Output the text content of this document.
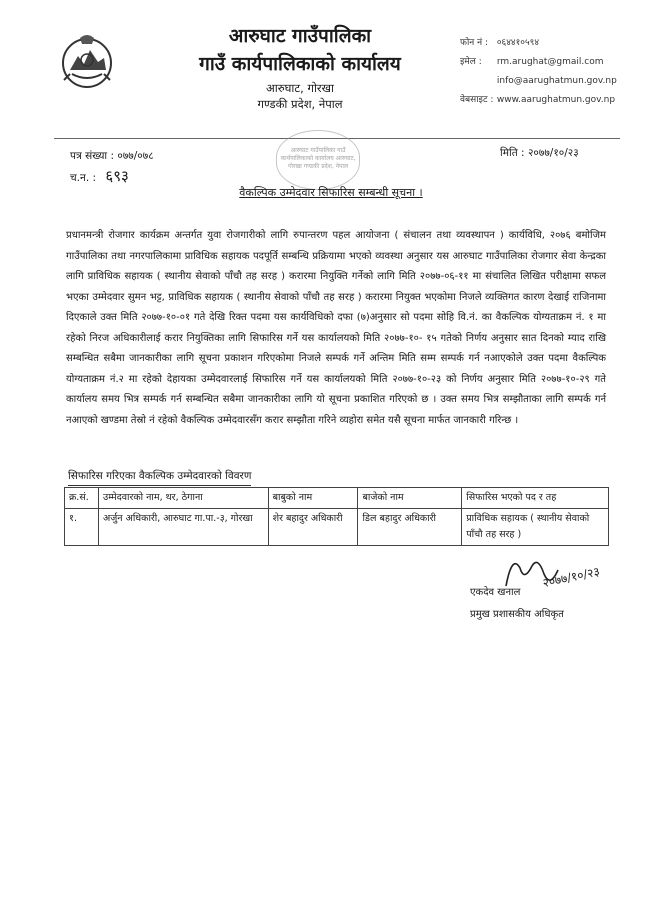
आरुघाट गाउँपालिका
गाउँ कार्यपालिकाको कार्यालय
आरुघाट, गोरखा
गण्डकी प्रदेश, नेपाल
फोन नं : ०६४४१०५९४
इमेल : rm.arughat@gmail.com
info@aarughatmun.gov.np
वेबसाइट : www.aarughatmun.gov.np
आरुघाट गाउँपालिका गाउँ कार्यपालिकाको कार्यालय आरुघाट, गोरखा गण्डकी प्रदेश, नेपाल
पत्र संख्या : ०७७/०७८
च.न. : ६९३
मिति : २०७७/१०/२३
वैकल्पिक उम्मेदवार सिफारिस सम्बन्धी सूचना ।
प्रधानमन्त्री रोजगार कार्यक्रम अन्तर्गत युवा रोजगारीको लागि रुपान्तरण पहल आयोजना ( संचालन तथा व्यवस्थापन ) कार्यविधि, २०७६ बमोजिम गाउँपालिका तथा नगरपालिकामा प्राविधिक सहायक पदपूर्ति सम्बन्धि प्रक्रियामा भएको व्यवस्था अनुसार यस आरुघाट गाउँपालिका रोजगार सेवा केन्द्रका लागि प्राविधिक सहायक ( स्थानीय सेवाको पाँचौ तह सरह ) करारमा नियुक्ति गर्नेको लागि मिति २०७७-०६-११ मा संचालित लिखित परीक्षामा सफल भएका उम्मेदवार सुमन भट्ट, प्राविधिक सहायक ( स्थानीय सेवाको पाँचौ तह सरह ) करारमा नियुक्त भएकोमा निजले व्यक्तिगत कारण देखाई राजिनामा दिएकाले उक्त मिति २०७७-१०-०१ गते देखि रिक्त पदमा यस कार्यविधिको दफा (७)अनुसार सो पदमा सोहि वि.नं. का वैकल्पिक योग्यताक्रम नं. १ मा रहेको निरज अधिकारीलाई करार नियुक्तिका लागि सिफारिस गर्ने यस कार्यालयको मिति २०७७-१०- १५ गतेको निर्णय अनुसार सात दिनको म्याद राखि सम्बन्धित सबैमा जानकारीका लागि सूचना प्रकाशन गरिएकोमा निजले सम्पर्क गर्ने अन्तिम मिति सम्म सम्पर्क गर्न नआएकोले उक्त पदमा वैकल्पिक योग्यताक्रम नं.२ मा रहेको देहायका उम्मेदवारलाई सिफारिस गर्ने यस कार्यालयको मिति २०७७-१०-२३ को निर्णय अनुसार मिति २०७७-१०-२९ गते कार्यालय समय भित्र सम्पर्क गर्न सम्बन्धित सबैमा जानकारीका लागि यो सूचना प्रकाशित गरिएको छ । उक्त समय भित्र सम्झौताका लागि सम्पर्क गर्न नआएको खण्डमा तेस्रो नं रहेको वैकल्पिक उम्मेदवारसँग करार सम्झौता गरिने व्यहोरा समेत यसै सूचना मार्फत जानकारी गरिन्छ ।
सिफारिस गरिएका वैकल्पिक उम्मेदवारको विवरण
क्र.सं.	उम्मेदवारको नाम, थर, ठेगाना	बाबुको नाम	बाजेको नाम	सिफारिस भएको पद र तह
१.	अर्जुन अधिकारी, आरुघाट गा.पा.-३, गोरखा	शेर बहादुर अधिकारी	डिल बहादुर अधिकारी	प्राविधिक सहायक ( स्थानीय सेवाको पाँचौ तह सरह )
२०७७/१०/२३
एकदेव खनाल
प्रमुख प्रशासकीय अधिकृत
